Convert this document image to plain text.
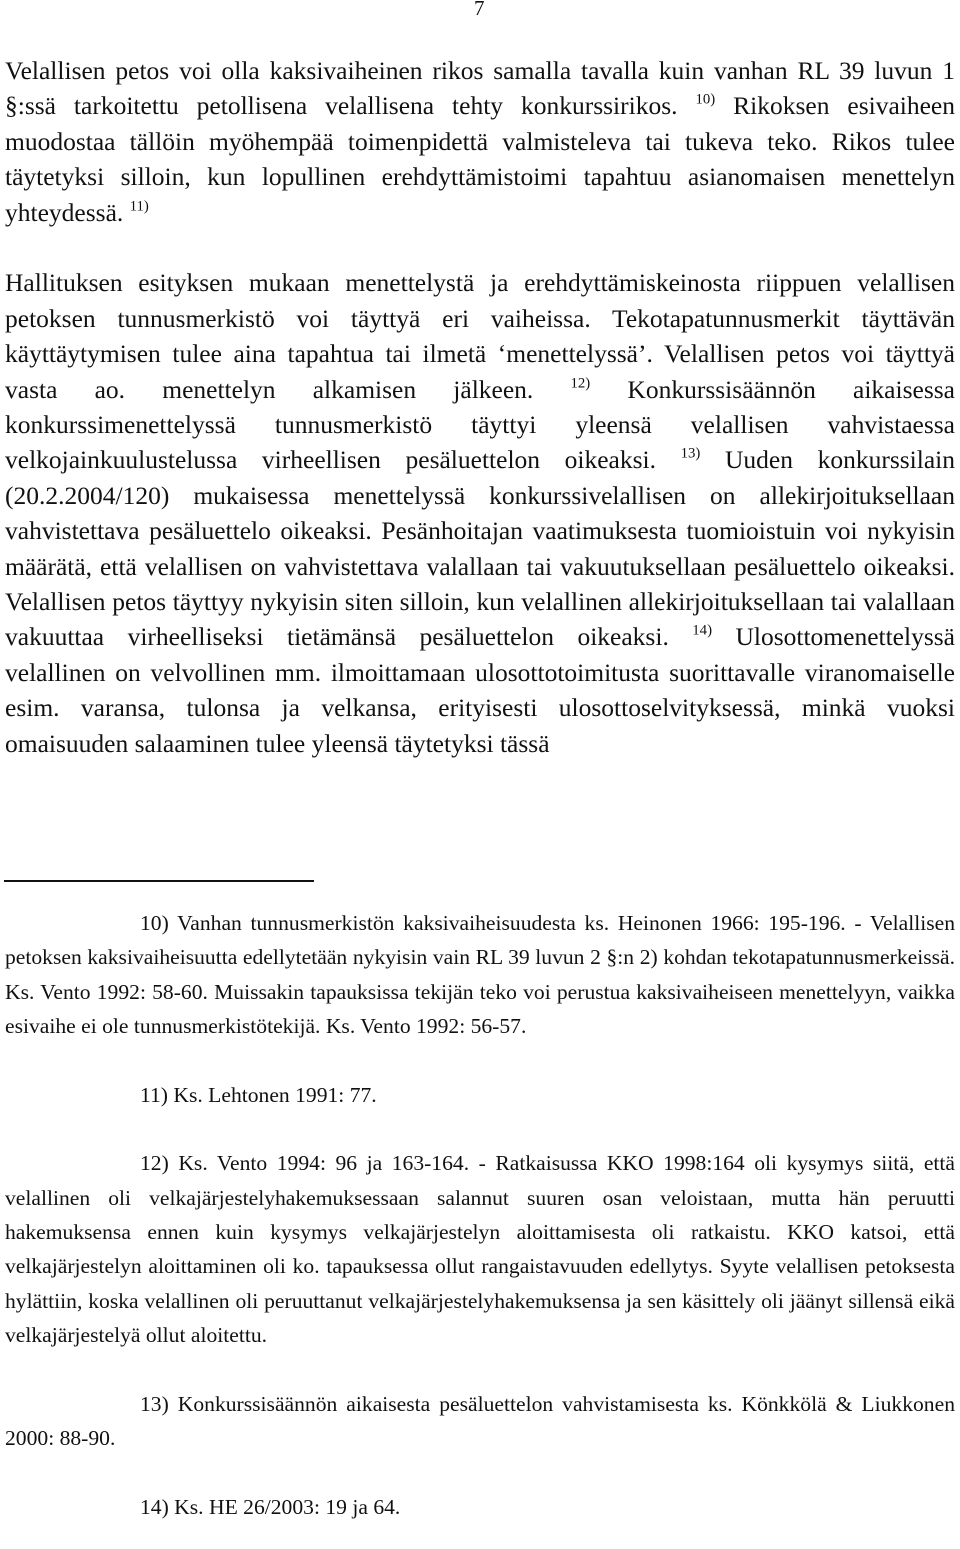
7

Velallisen petos voi olla kaksivaiheinen rikos samalla tavalla kuin vanhan RL 39 luvun 1 §:ssä tarkoitettu petollisena velallisena tehty konkurssirikos. $^{10)}$ Rikoksen esivaiheen muodostaa tällöin myöhempää toimenpidettä valmisteleva tai tukeva teko. Rikos tulee täytetyksi silloin, kun lopullinen erehdyttämistoimi tapahtuu asianomaisen menettelyn yhteydessä. $^{11)}$

Hallituksen esityksen mukaan menettelystä ja erehdyttämiskeinosta riippuen velallisen petoksen tunnusmerkistö voi täyttyä eri vaiheissa. Tekotapatunnusmerkit täyttävän käyttäytymisen tulee aina tapahtua tai ilmetä ‘menettelyssä’. Velallisen petos voi täyttyä vasta ao. menettelyn alkamisen jälkeen. $^{12)}$ Konkurssisäännön aikaisessa konkurssimenettelyssä tunnusmerkistö täyttyi yleensä velallisen vahvistaessa velkojainkuulustelussa virheellisen pesäluettelon oikeaksi. $^{13)}$ Uuden konkurssilain (20.2.2004/120) mukaisessa menettelyssä konkurssivelallisen on allekirjoituksellaan vahvistettava pesäluettelo oikeaksi. Pesänhoitajan vaatimuksesta tuomioistuin voi nykyisin määrätä, että velallisen on vahvistettava valallaan tai vakuutuksellaan pesäluettelo oikeaksi. Velallisen petos täyttyy nykyisin siten silloin, kun velallinen allekirjoituksellaan tai valallaan vakuuttaa virheelliseksi tietämänsä pesäluettelon oikeaksi. $^{14)}$ Ulosottomenettelyssä velallinen on velvollinen mm. ilmoittamaan ulosottotoimitusta suorittavalle viranomaiselle esim. varansa, tulonsa ja velkansa, erityisesti ulosottoselvityksessä, minkä vuoksi omaisuuden salaaminen tulee yleensä täytetyksi tässä

10) Vanhan tunnusmerkistön kaksivaiheisuudesta ks. Heinonen 1966: 195-196. - Velallisen petoksen kaksivaiheisuutta edellytetään nykyisin vain RL 39 luvun 2 §:n 2) kohdan tekotapatunnusmerkeissä. Ks. Vento 1992: 58-60. Muissakin tapauksissa tekijän teko voi perustua kaksivaiheiseen menettelyyn, vaikka esivaihe ei ole tunnusmerkistötekijä. Ks. Vento 1992: 56-57.

11) Ks. Lehtonen 1991: 77.

12) Ks. Vento 1994: 96 ja 163-164. - Ratkaisussa KKO 1998:164 oli kysymys siitä, että velallinen oli velkajärjestelyhakemuksessaan salannut suuren osan veloistaan, mutta hän peruutti hakemuksensa ennen kuin kysymys velkajärjestelyn aloittamisesta oli ratkaistu. KKO katsoi, että velkajärjestelyn aloittaminen oli ko. tapauksessa ollut rangaistavuuden edellytys. Syyte velallisen petoksesta hylättiin, koska velallinen oli peruuttanut velkajärjestelyhakemuksensa ja sen käsittely oli jäänyt sillensä eikä velkajärjestelyä ollut aloitettu.

13) Konkurssisäännön aikaisesta pesäluettelon vahvistamisesta ks. Könkkölä & Liukkonen 2000: 88-90.

14) Ks. HE 26/2003: 19 ja 64.
